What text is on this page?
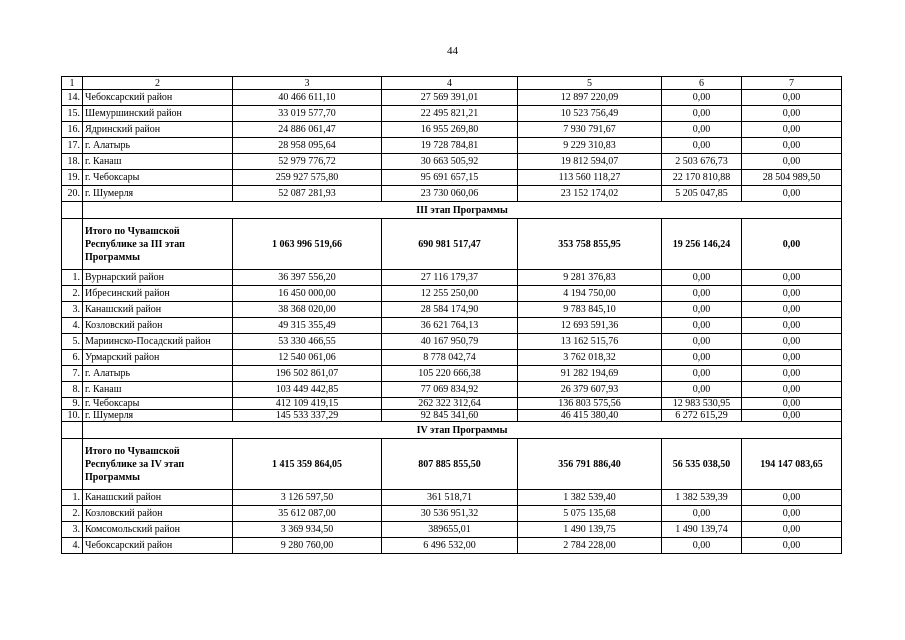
44
1	2	3	4	5	6	7
14.	Чебоксарский район	40 466 611,10	27 569 391,01	12 897 220,09	0,00	0,00
15.	Шемуршинский район	33 019 577,70	22 495 821,21	10 523 756,49	0,00	0,00
16.	Ядринский район	24 886 061,47	16 955 269,80	7 930 791,67	0,00	0,00
17.	г. Алатырь	28 958 095,64	19 728 784,81	9 229 310,83	0,00	0,00
18.	г. Канаш	52 979 776,72	30 663 505,92	19 812 594,07	2 503 676,73	0,00
19.	г. Чебоксары	259 927 575,80	95 691 657,15	113 560 118,27	22 170 810,88	28 504 989,50
20.	г. Шумерля	52 087 281,93	23 730 060,06	23 152 174,02	5 205 047,85	0,00
	III этап Программы					
	Итого по Чувашской Республике за III этап Программы	1 063 996 519,66	690 981 517,47	353 758 855,95	19 256 146,24	0,00
1.	Вурнарский район	36 397 556,20	27 116 179,37	9 281 376,83	0,00	0,00
2.	Ибресинский район	16 450 000,00	12 255 250,00	4 194 750,00	0,00	0,00
3.	Канашский район	38 368 020,00	28 584 174,90	9 783 845,10	0,00	0,00
4.	Козловский район	49 315 355,49	36 621 764,13	12 693 591,36	0,00	0,00
5.	Мариинско-Посадский район	53 330 466,55	40 167 950,79	13 162 515,76	0,00	0,00
6.	Урмарский район	12 540 061,06	8 778 042,74	3 762 018,32	0,00	0,00
7.	г. Алатырь	196 502 861,07	105 220 666,38	91 282 194,69	0,00	0,00
8.	г. Канаш	103 449 442,85	77 069 834,92	26 379 607,93	0,00	0,00
9.	г. Чебоксары	412 109 419,15	262 322 312,64	136 803 575,56	12 983 530,95	0,00
10.	г. Шумерля	145 533 337,29	92 845 341,60	46 415 380,40	6 272 615,29	0,00
	IV этап Программы					
	Итого по Чувашской Республике за IV этап Программы	1 415 359 864,05	807 885 855,50	356 791 886,40	56 535 038,50	194 147 083,65
1.	Канашский район	3 126 597,50	361 518,71	1 382 539,40	1 382 539,39	0,00
2.	Козловский район	35 612 087,00	30 536 951,32	5 075 135,68	0,00	0,00
3.	Комсомольский район	3 369 934,50	389655,01	1 490 139,75	1 490 139,74	0,00
4.	Чебоксарский район	9 280 760,00	6 496 532,00	2 784 228,00	0,00	0,00
